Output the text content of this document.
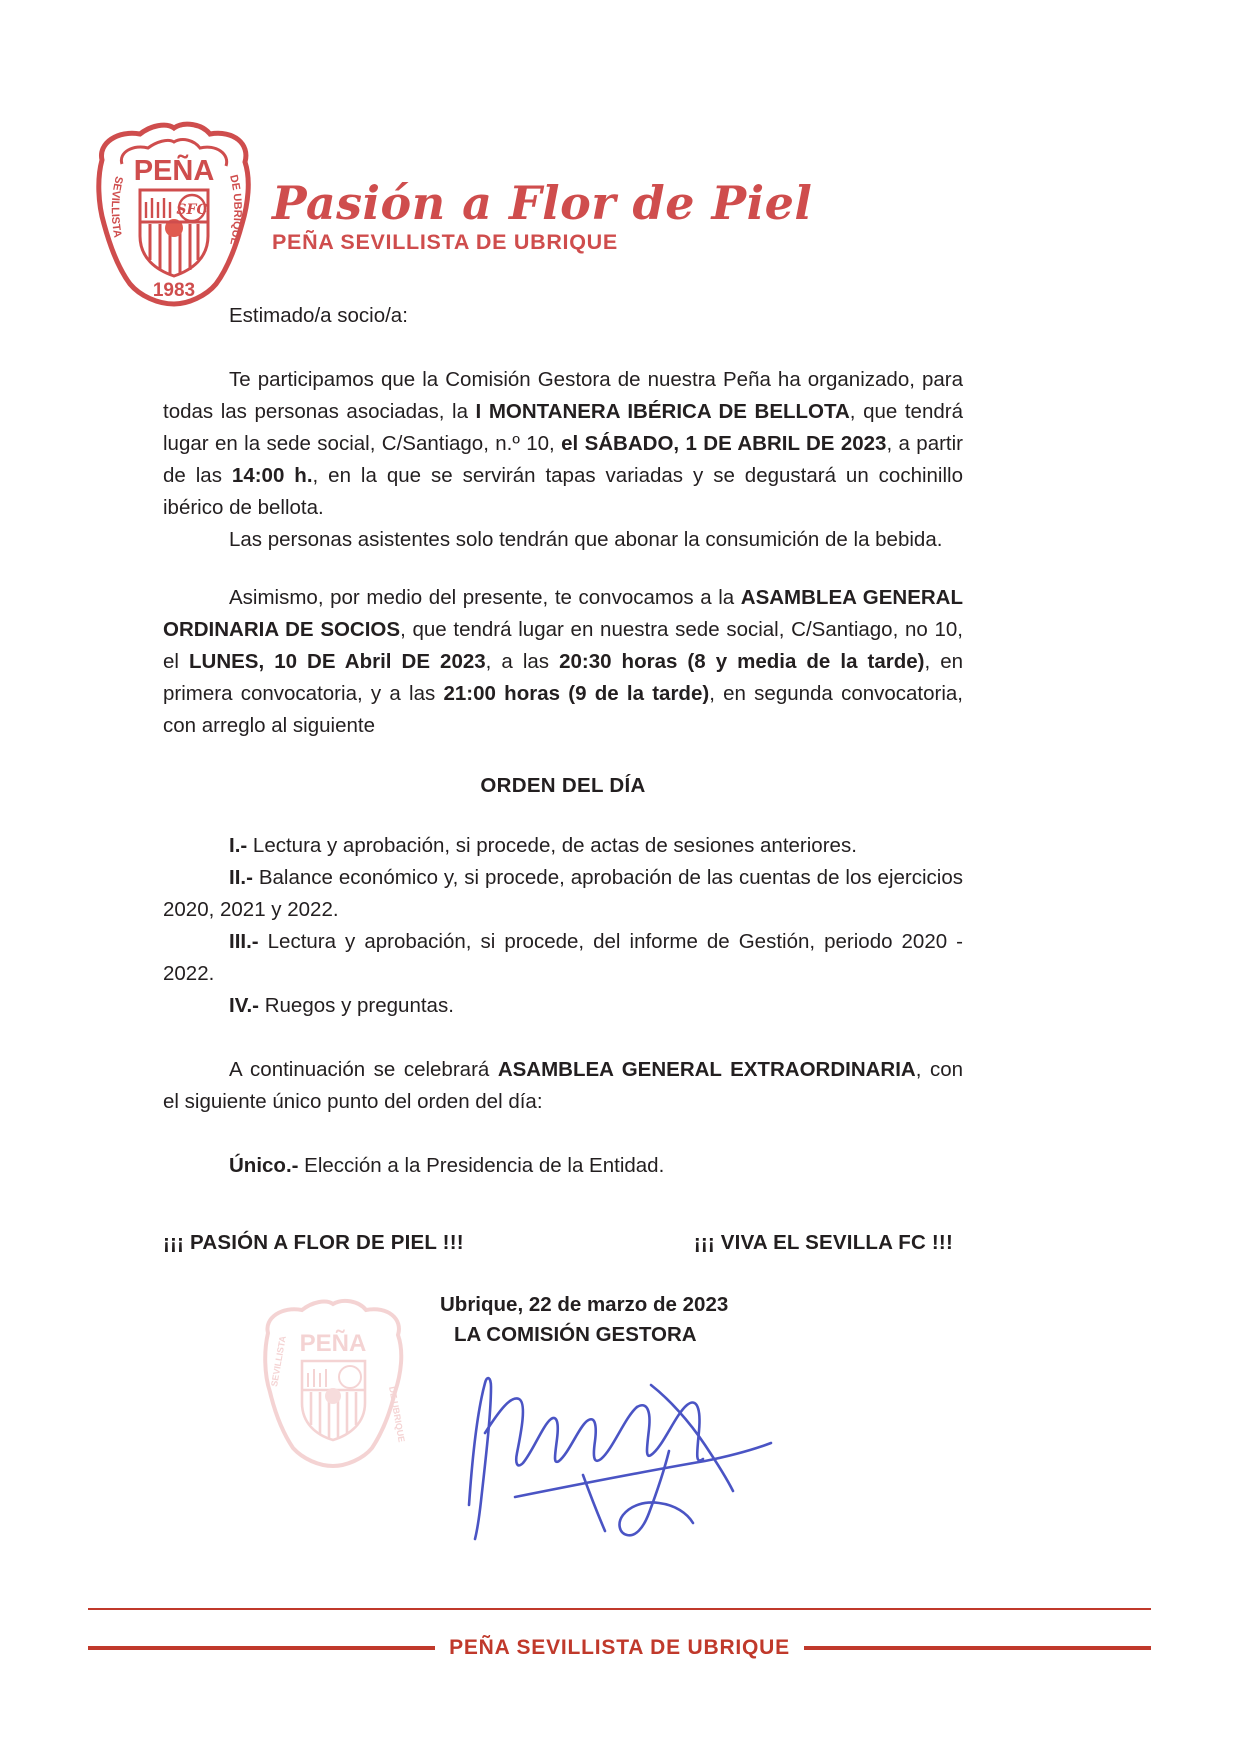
PEÑA
SEVILLISTA
DE UBRIQUE
SFC
1983
Pasión a Flor de Piel
PEÑA SEVILLISTA DE UBRIQUE

Estimado/a socio/a:

Te participamos que la Comisión Gestora de nuestra Peña ha organizado, para todas las personas asociadas, la I MONTANERA IBÉRICA DE BELLOTA, que tendrá lugar en la sede social, C/Santiago, n.º 10, el SÁBADO, 1 DE ABRIL DE 2023, a partir de las 14:00 h., en la que se servirán tapas variadas y se degustará un cochinillo ibérico de bellota.

Las personas asistentes solo tendrán que abonar la consumición de la bebida.

Asimismo, por medio del presente, te convocamos a la ASAMBLEA GENERAL ORDINARIA DE SOCIOS, que tendrá lugar en nuestra sede social, C/Santiago, no 10, el LUNES, 10 DE Abril DE 2023, a las 20:30 horas (8 y media de la tarde), en primera convocatoria, y a las 21:00 horas (9 de la tarde), en segunda convocatoria, con arreglo al siguiente

ORDEN DEL DÍA

I.- Lectura y aprobación, si procede, de actas de sesiones anteriores.

II.- Balance económico y, si procede, aprobación de las cuentas de los ejercicios 2020, 2021 y 2022.

III.- Lectura y aprobación, si procede, del informe de Gestión, periodo 2020 - 2022.

IV.- Ruegos y preguntas.

A continuación se celebrará ASAMBLEA GENERAL EXTRAORDINARIA, con el siguiente único punto del orden del día:

Único.- Elección a la Presidencia de la Entidad.

¡¡¡ PASIÓN A FLOR DE PIEL !!!	¡¡¡ VIVA EL SEVILLA FC !!!
PEÑA
SEVILLISTA
DE UBRIQUE
Ubrique, 22 de marzo de 2023
LA COMISIÓN GESTORA
PEÑA SEVILLISTA DE UBRIQUE
